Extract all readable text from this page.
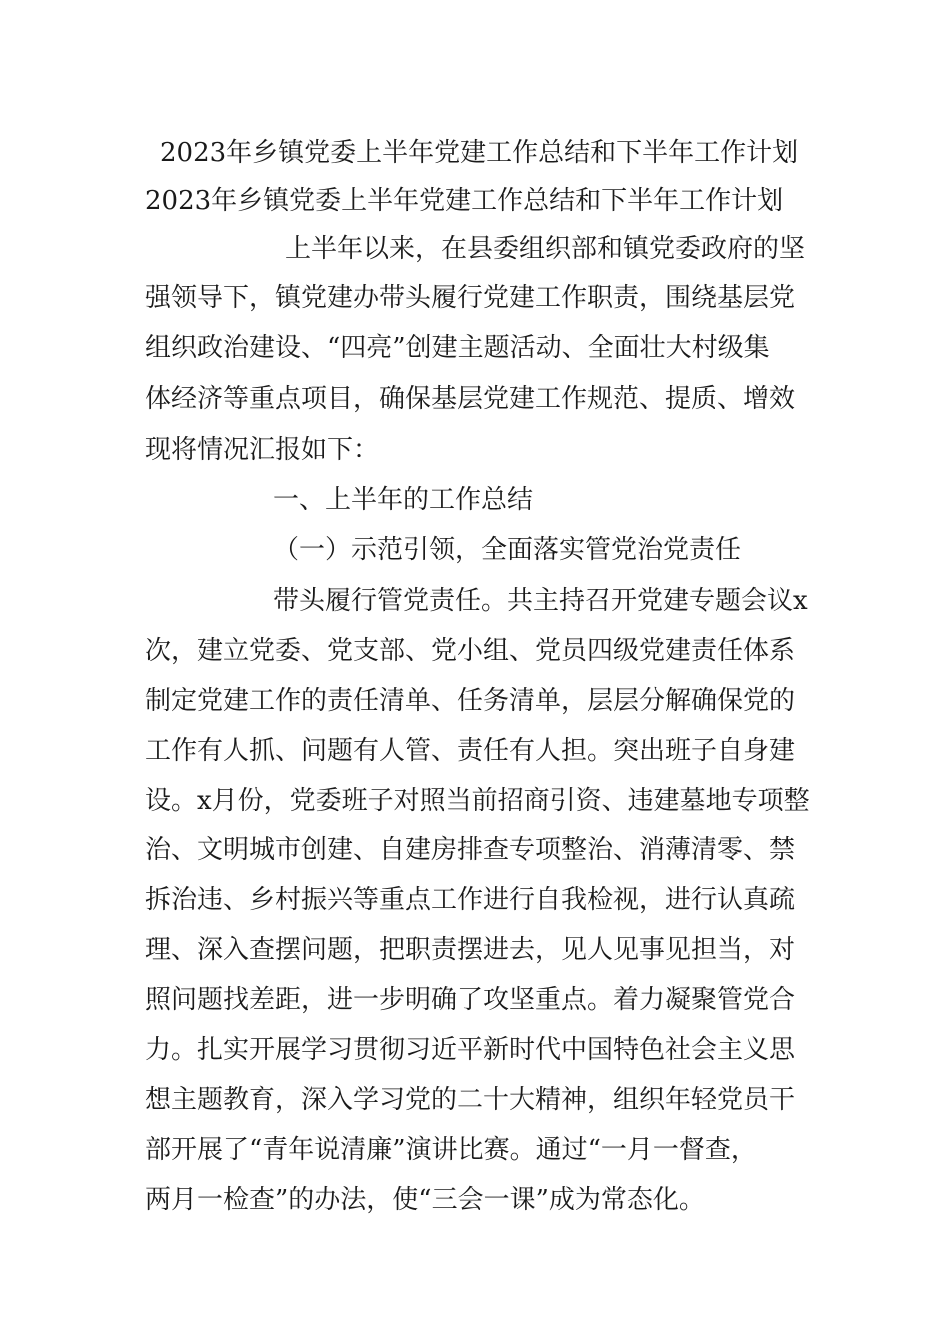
2023年乡镇党委上半年党建工作总结和下半年工作计划
2023年乡镇党委上半年党建工作总结和下半年工作计划
上半年以来，在县委组织部和镇党委政府的坚
强领导下，镇党建办带头履行党建工作职责，围绕基层党
组织政治建设、“四亮”创建主题活动、全面壮大村级集
体经济等重点项目，确保基层党建工作规范、提质、增效
现将情况汇报如下：
一、上半年的工作总结
（一）示范引领，全面落实管党治党责任
带头履行管党责任。共主持召开党建专题会议x
次，建立党委、党支部、党小组、党员四级党建责任体系
制定党建工作的责任清单、任务清单，层层分解确保党的
工作有人抓、问题有人管、责任有人担。突出班子自身建
设。x月份，党委班子对照当前招商引资、违建墓地专项整
治、文明城市创建、自建房排查专项整治、消薄清零、禁
拆治违、乡村振兴等重点工作进行自我检视，进行认真疏
理、深入查摆问题，把职责摆进去，见人见事见担当，对
照问题找差距，进一步明确了攻坚重点。着力凝聚管党合
力。扎实开展学习贯彻习近平新时代中国特色社会主义思
想主题教育，深入学习党的二十大精神，组织年轻党员干
部开展了“青年说清廉”演讲比赛。通过“一月一督查，
两月一检查”的办法，使“三会一课”成为常态化。
